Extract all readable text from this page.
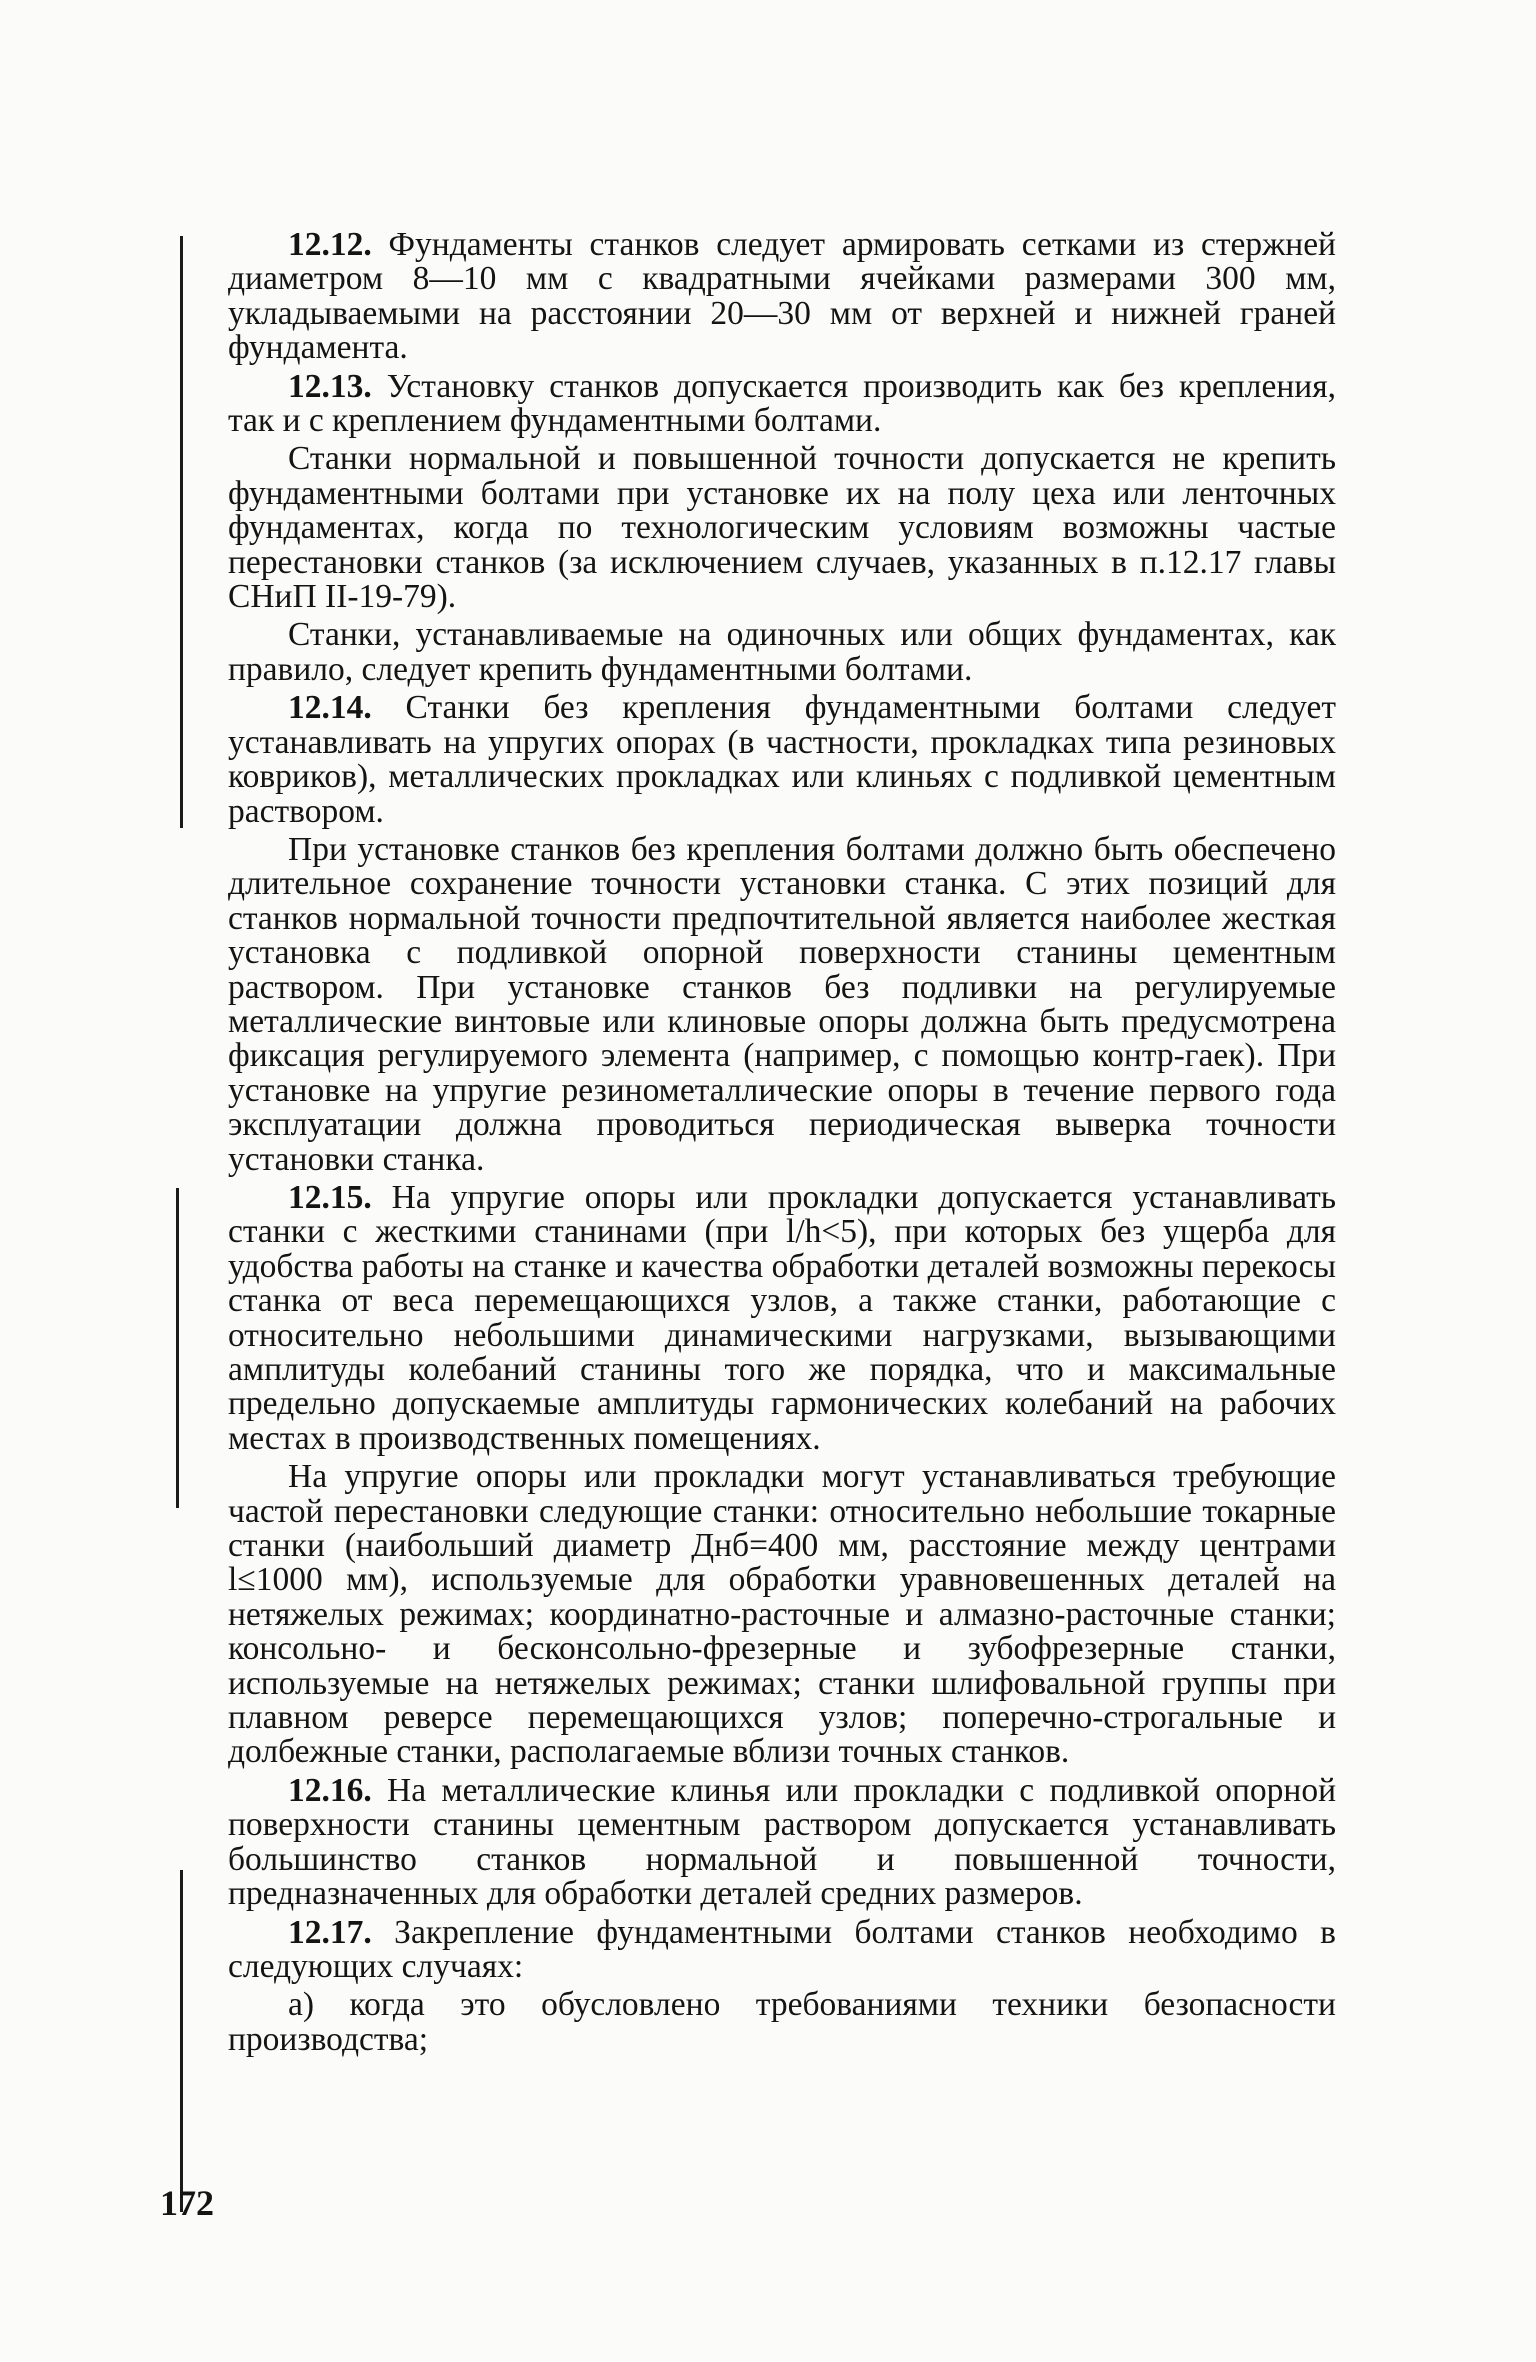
12.12. Фундаменты станков следует армировать сетками из стержней диаметром 8—10 мм с квадратными ячейками размерами 300 мм, укладываемыми на расстоянии 20—30 мм от верхней и нижней граней фундамента.

12.13. Установку станков допускается производить как без крепления, так и с креплением фундаментными болтами.

Станки нормальной и повышенной точности допускается не крепить фундаментными болтами при установке их на полу цеха или ленточных фундаментах, когда по технологическим условиям возможны частые перестановки станков (за исключением случаев, указанных в п.12.17 главы СНиП II-19-79).

Станки, устанавливаемые на одиночных или общих фундаментах, как правило, следует крепить фундаментными болтами.

12.14. Станки без крепления фундаментными болтами следует устанавливать на упругих опорах (в частности, прокладках типа резиновых ковриков), металлических прокладках или клиньях с подливкой цементным раствором.

При установке станков без крепления болтами должно быть обеспечено длительное сохранение точности установки станка. С этих позиций для станков нормальной точности предпочтительной является наиболее жесткая установка с подливкой опорной поверхности станины цементным раствором. При установке станков без подливки на регулируемые металлические винтовые или клиновые опоры должна быть предусмотрена фиксация регулируемого элемента (например, с помощью контр-гаек). При установке на упругие резинометаллические опоры в течение первого года эксплуатации должна проводиться периодическая выверка точности установки станка.

12.15. На упругие опоры или прокладки допускается устанавливать станки с жесткими станинами (при l/h<5), при которых без ущерба для удобства работы на станке и качества обработки деталей возможны перекосы станка от веса перемещающихся узлов, а также станки, работающие с относительно небольшими динамическими нагрузками, вызывающими амплитуды колебаний станины того же порядка, что и максимальные предельно допускаемые амплитуды гармонических колебаний на рабочих местах в производственных помещениях.

На упругие опоры или прокладки могут устанавливаться требующие частой перестановки следующие станки: относительно небольшие токарные станки (наибольший диаметр Днб=400 мм, расстояние между центрами l≤1000 мм), используемые для обработки уравновешенных деталей на нетяжелых режимах; координатно-расточные и алмазно-расточные станки; консольно- и бесконсольно-фрезерные и зубофрезерные станки, используемые на нетяжелых режимах; станки шлифовальной группы при плавном реверсе перемещающихся узлов; поперечно-строгальные и долбежные станки, располагаемые вблизи точных станков.

12.16. На металлические клинья или прокладки с подливкой опорной поверхности станины цементным раствором допускается устанавливать большинство станков нормальной и повышенной точности, предназначенных для обработки деталей средних размеров.

12.17. Закрепление фундаментными болтами станков необходимо в следующих случаях:

а) когда это обусловлено требованиями техники безопасности производства;

172
